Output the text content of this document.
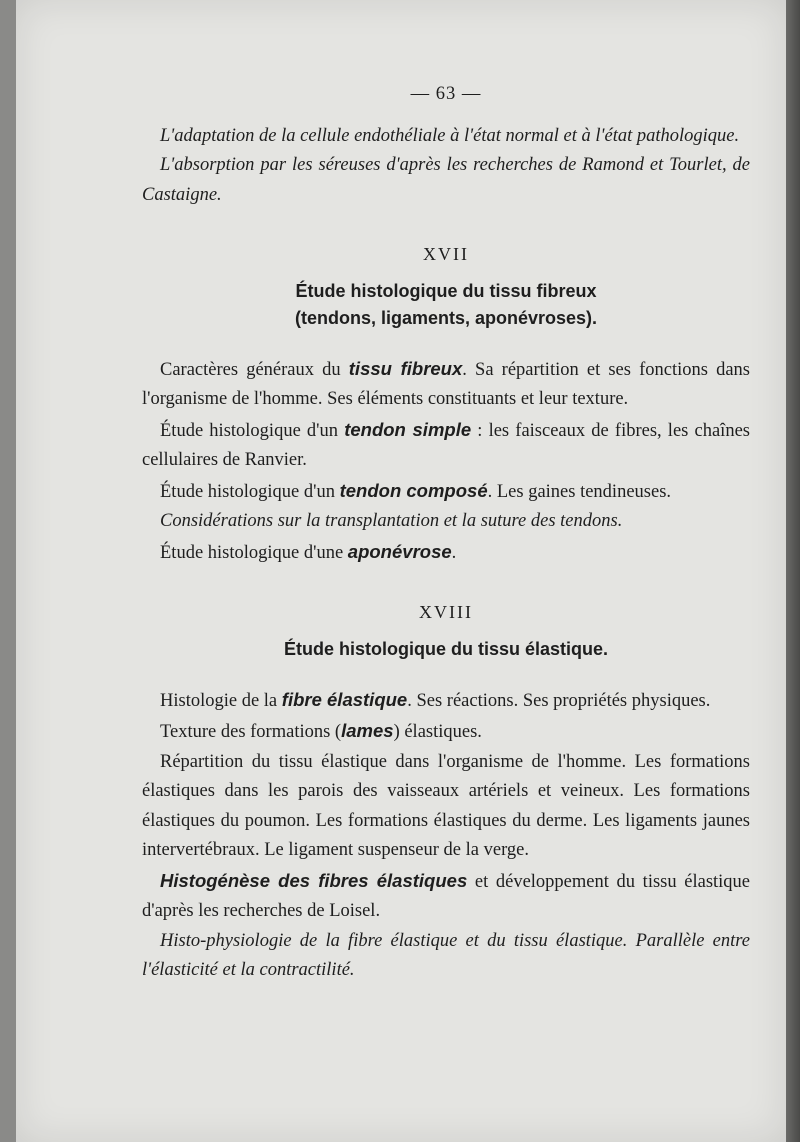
— 63 —

L'adaptation de la cellule endothéliale à l'état normal et à l'état pathologique.

L'absorption par les séreuses d'après les recherches de Ramond et Tourlet, de Castaigne.

XVII

Étude histologique du tissu fibreux
(tendons, ligaments, aponévroses).

Caractères généraux du tissu fibreux. Sa répartition et ses fonctions dans l'organisme de l'homme. Ses éléments constituants et leur texture.

Étude histologique d'un tendon simple : les faisceaux de fibres, les chaînes cellulaires de Ranvier.

Étude histologique d'un tendon composé. Les gaines tendineuses.

Considérations sur la transplantation et la suture des tendons.

Étude histologique d'une aponévrose.

XVIII

Étude histologique du tissu élastique.

Histologie de la fibre élastique. Ses réactions. Ses propriétés physiques.

Texture des formations (lames) élastiques.

Répartition du tissu élastique dans l'organisme de l'homme. Les formations élastiques dans les parois des vaisseaux artériels et veineux. Les formations élastiques du poumon. Les formations élastiques du derme. Les ligaments jaunes intervertébraux. Le ligament suspenseur de la verge.

Histogénèse des fibres élastiques et développement du tissu élastique d'après les recherches de Loisel.

Histo-physiologie de la fibre élastique et du tissu élastique. Parallèle entre l'élasticité et la contractilité.
